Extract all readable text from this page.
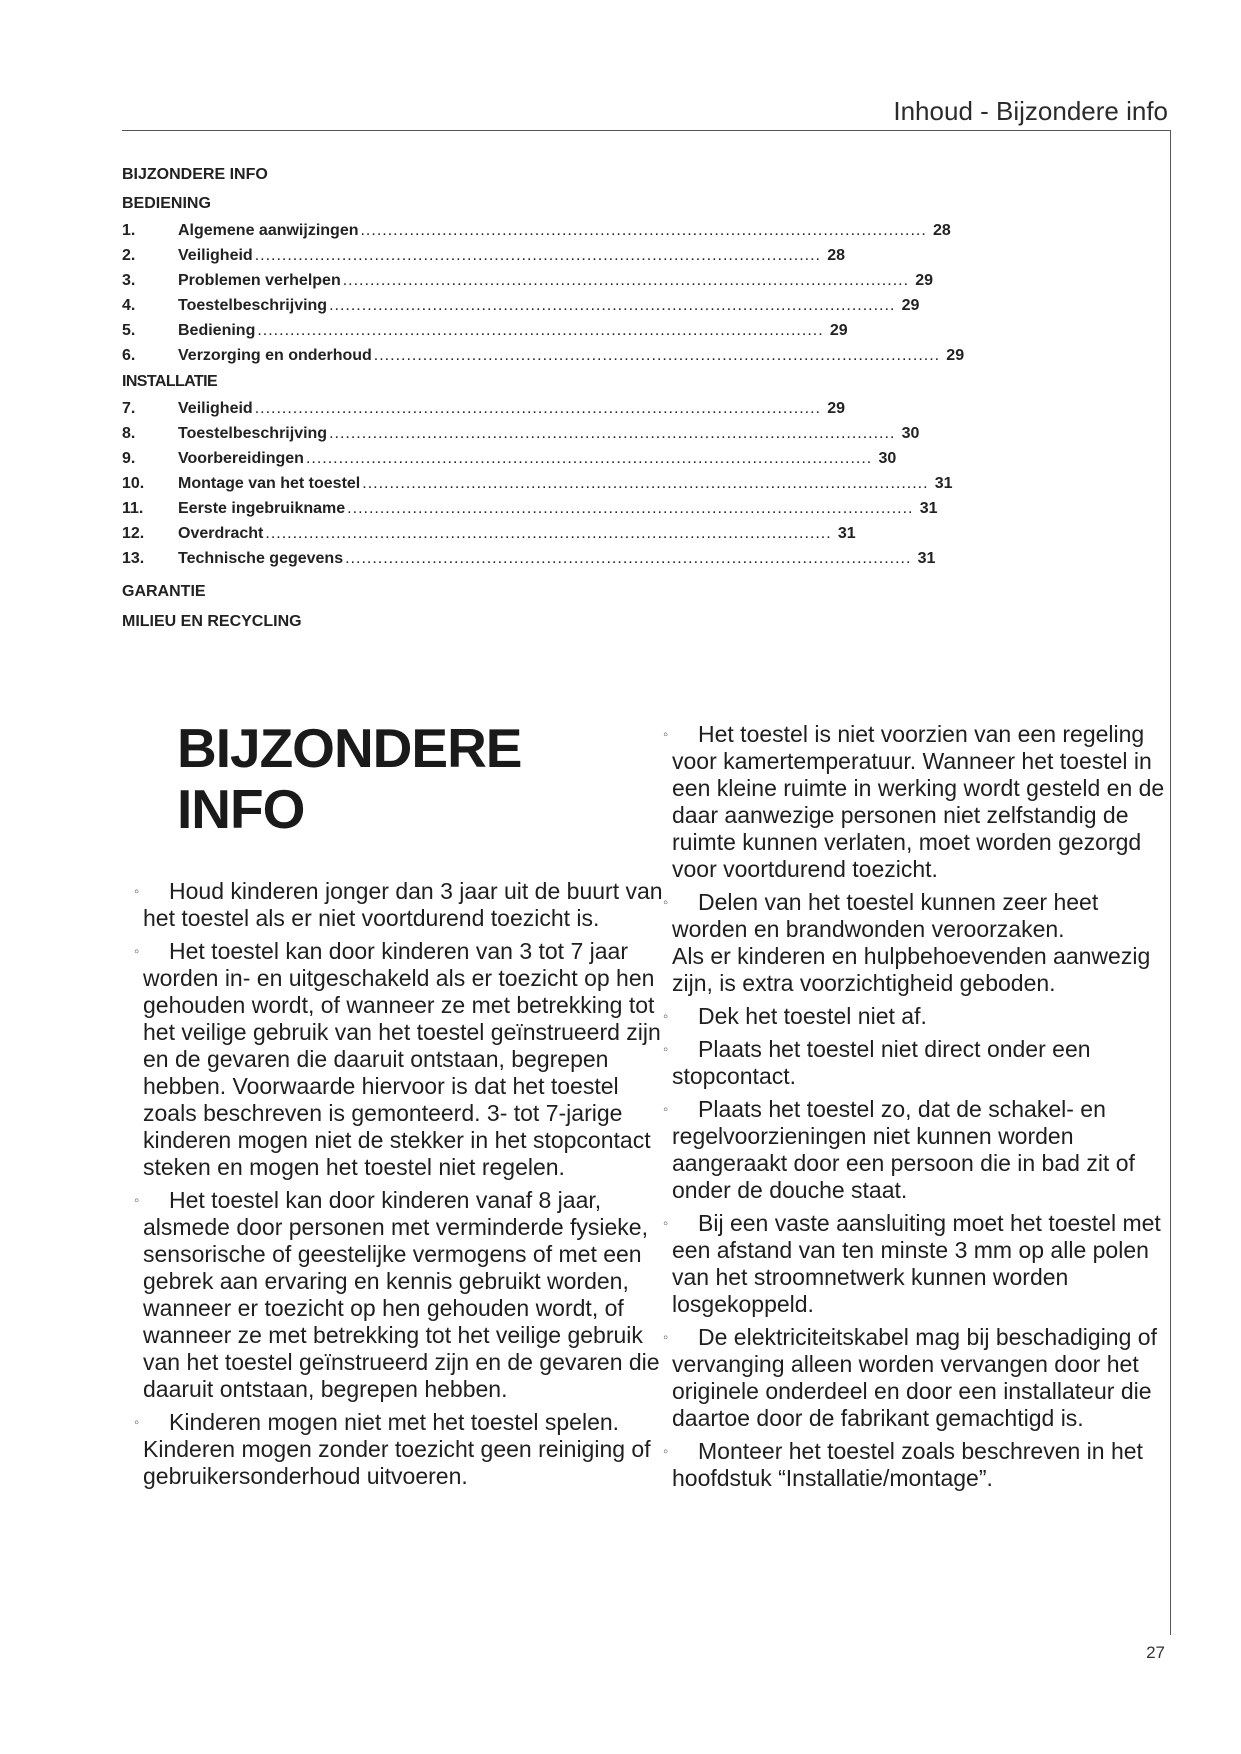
Inhoud - Bijzondere info
BIJZONDERE INFO
BEDIENING
1.	Algemene aanwijzingen ........................................................................................................ 28
2.	Veiligheid ........................................................................................................ 28
3.	Problemen verhelpen ........................................................................................................ 29
4.	Toestelbeschrijving ........................................................................................................ 29
5.	Bediening ........................................................................................................ 29
6.	Verzorging en onderhoud ........................................................................................................ 29
INSTALLATIE
7.	Veiligheid ........................................................................................................ 29
8.	Toestelbeschrijving ........................................................................................................ 30
9.	Voorbereidingen ........................................................................................................ 30
10.	Montage van het toestel ........................................................................................................ 31
11.	Eerste ingebruikname ........................................................................................................ 31
12.	Overdracht ........................................................................................................ 31
13.	Technische gegevens ........................................................................................................ 31
GARANTIE
MILIEU EN RECYCLING
BIJZONDERE
INFO
◦	Houd kinderen jonger dan 3 jaar uit de buurt van het toestel als er niet voortdurend toezicht is.
◦	Het toestel kan door kinderen van 3 tot 7 jaar worden in- en uitgeschakeld als er toezicht op hen gehouden wordt, of wanneer ze met betrekking tot het veilige gebruik van het toestel geïnstrueerd zijn en de gevaren die daaruit ontstaan, begrepen hebben. Voorwaarde hiervoor is dat het toestel zoals beschreven is gemonteerd. 3- tot 7-jarige kinderen mogen niet de stekker in het stopcontact steken en mogen het toestel niet regelen.
◦	Het toestel kan door kinderen vanaf 8 jaar, alsmede door personen met verminderde fysieke, sensorische of geestelijke vermogens of met een gebrek aan ervaring en kennis gebruikt worden, wanneer er toezicht op hen gehouden wordt, of wanneer ze met betrekking tot het veilige gebruik van het toestel geïnstrueerd zijn en de gevaren die daaruit ontstaan, begrepen hebben.
◦	Kinderen mogen niet met het toestel spelen. Kinderen mogen zonder toezicht geen reiniging of gebruikersonderhoud uitvoeren.
◦	Het toestel is niet voorzien van een regeling voor kamertemperatuur. Wanneer het toestel in een kleine ruimte in werking wordt gesteld en de daar aanwezige personen niet zelfstandig de ruimte kunnen verlaten, moet worden gezorgd voor voortdurend toezicht.
◦	Delen van het toestel kunnen zeer heet worden en brandwonden veroorzaken.
Als er kinderen en hulpbehoevenden aanwezig zijn, is extra voorzichtigheid geboden.
◦	Dek het toestel niet af.
◦	Plaats het toestel niet direct onder een stopcontact.
◦	Plaats het toestel zo, dat de schakel- en regelvoorzieningen niet kunnen worden aangeraakt door een persoon die in bad zit of onder de douche staat.
◦	Bij een vaste aansluiting moet het toestel met een afstand van ten minste 3 mm op alle polen van het stroomnetwerk kunnen worden losgekoppeld.
◦	De elektriciteitskabel mag bij beschadiging of vervanging alleen worden vervangen door het originele onderdeel en door een installateur die daartoe door de fabrikant gemachtigd is.
◦	Monteer het toestel zoals beschreven in het hoofdstuk “Installatie/montage”.
27
